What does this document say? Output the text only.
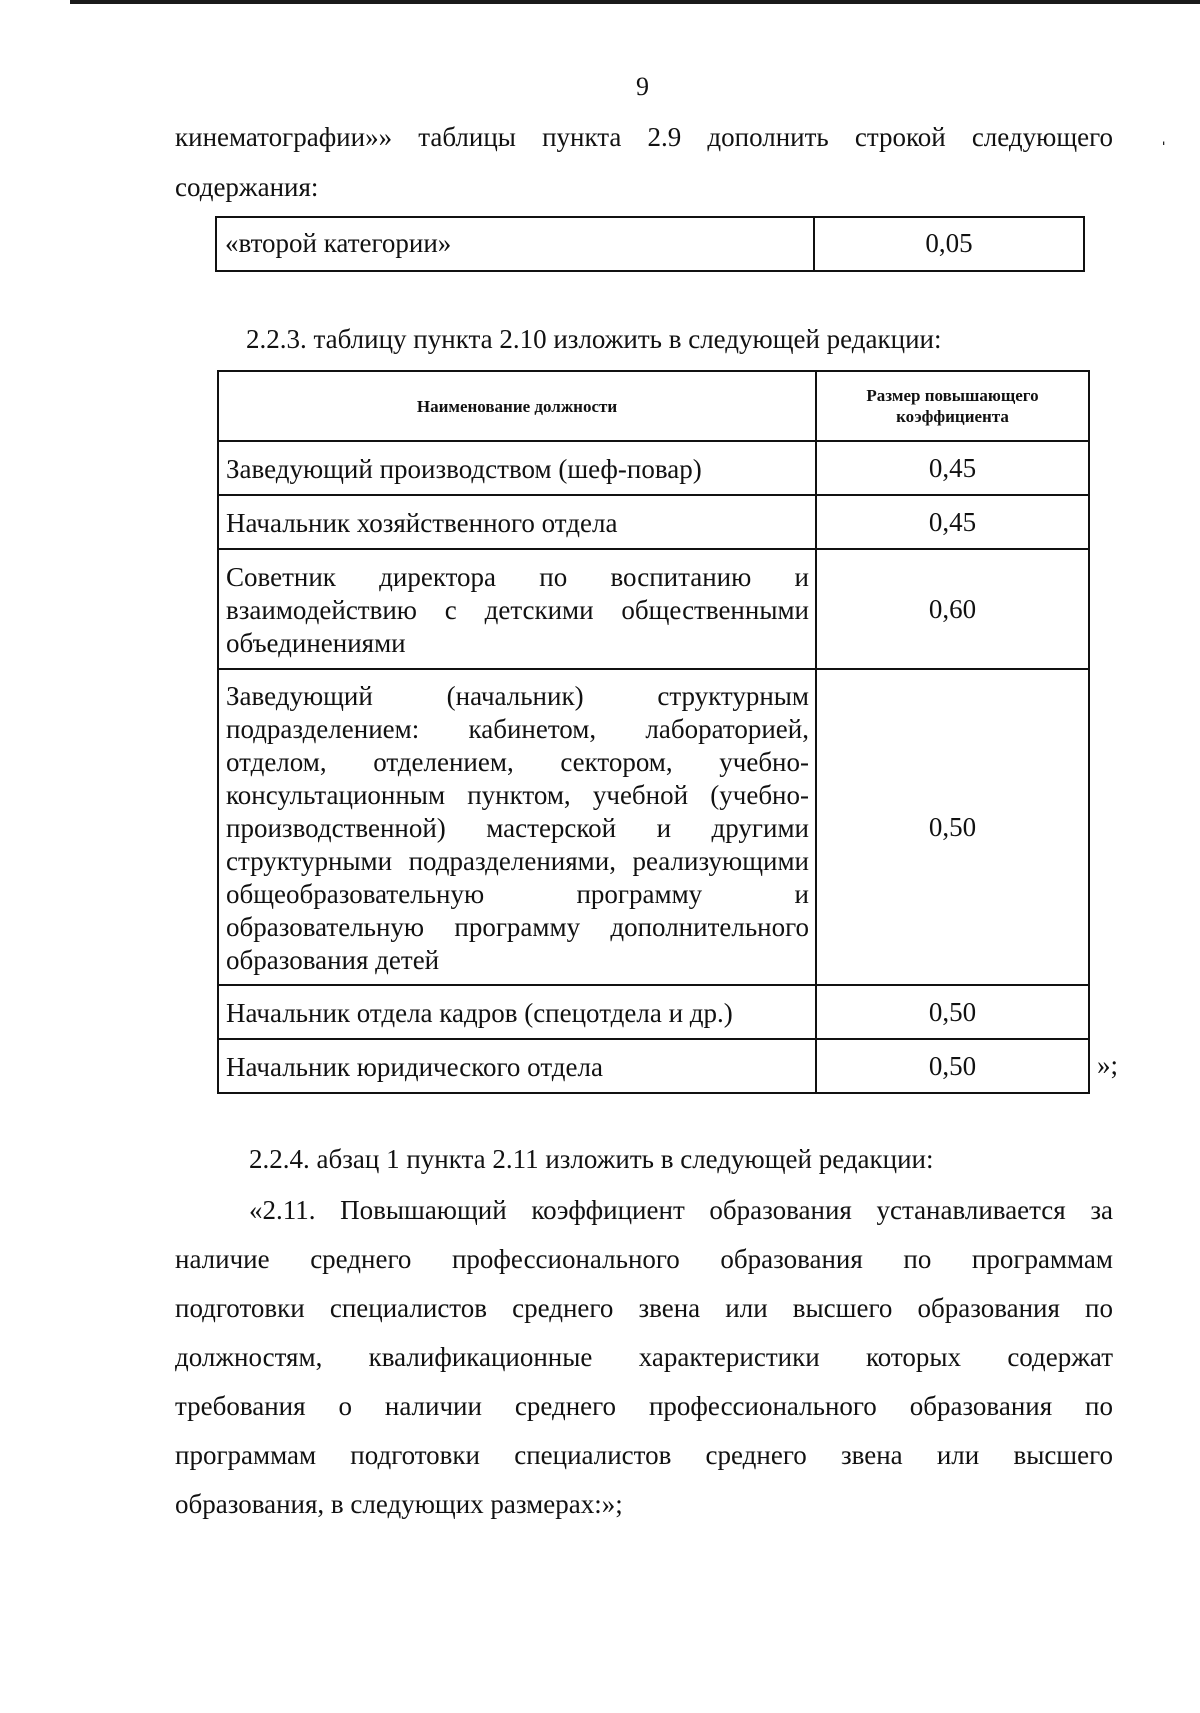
9
ˌ
кинематографии»» таблицы пункта 2.9 дополнить строкой следующего
содержания:
«второй категории»	0,05
2.2.3. таблицу пункта 2.10 изложить в следующей редакции:
Наименование должности	Размер повышающего коэффициента
Заведующий производством (шеф-повар)	0,45
Начальник хозяйственного отдела	0,45
Советник директора по воспитанию и взаимодействию с детскими общественными объединениями	0,60
Заведующий (начальник) структурным подразделением: кабинетом, лабораторией, отделом, отделением, сектором, учебно-консультационным пунктом, учебной (учебно-производственной) мастерской и другими структурными подразделениями, реализующими общеобразовательную программу и образовательную программу дополнительного образования детей	0,50
Начальник отдела кадров (спецотдела и др.)	0,50
Начальник юридического отдела	0,50	»;
2.2.4. абзац 1 пункта 2.11 изложить в следующей редакции:
«2.11. Повышающий коэффициент образования устанавливается за
наличие среднего профессионального образования по программам
подготовки специалистов среднего звена или высшего образования по
должностям, квалификационные характеристики которых содержат
требования о наличии среднего профессионального образования по
программам подготовки специалистов среднего звена или высшего
образования, в следующих размерах:»;
